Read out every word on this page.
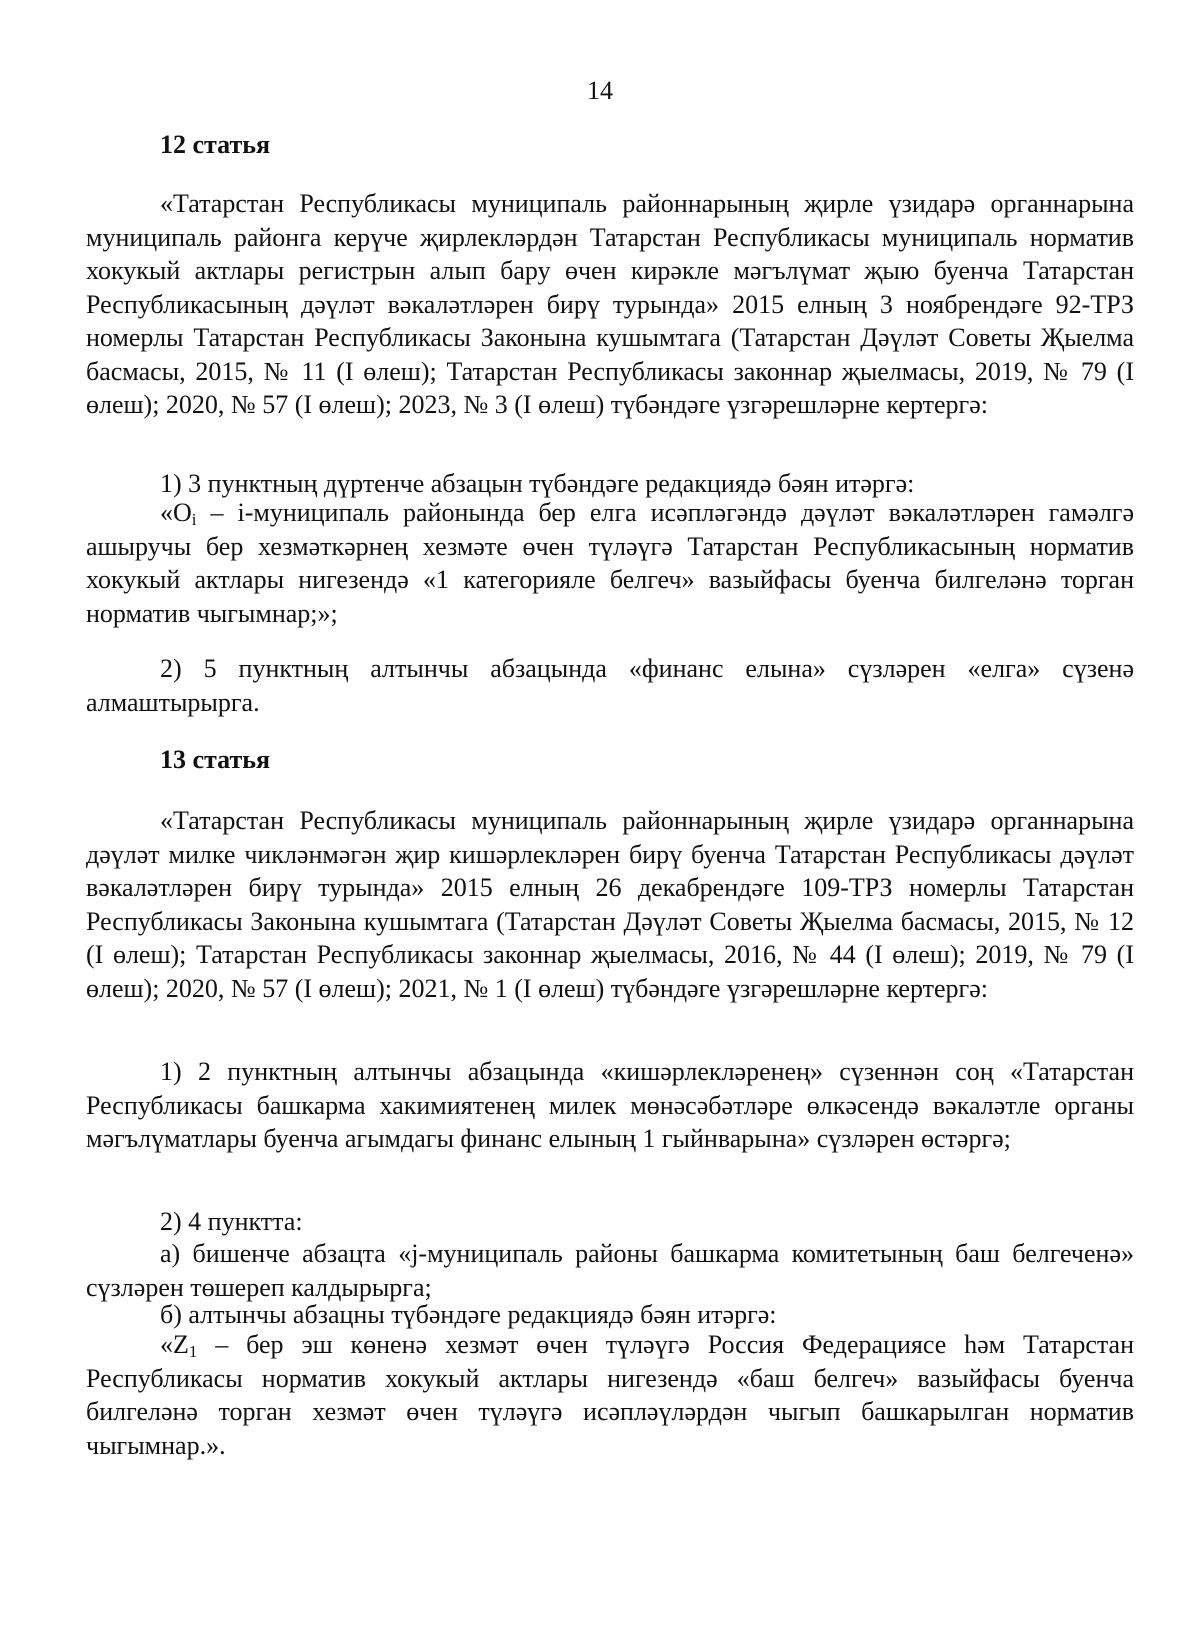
14
12 статья
«Татарстан Республикасы муниципаль районнарының җирле үзидарә органнарына муниципаль районга керүче җирлекләрдән Татарстан Республикасы муниципаль норматив хокукый актлары регистрын алып бару өчен кирәкле мәгълүмат җыю буенча Татарстан Республикасының дәүләт вәкаләтләрен бирү турында» 2015 елның 3 ноябрендәге 92-ТРЗ номерлы Татарстан Республикасы Законына кушымтага (Татарстан Дәүләт Советы Җыелма басмасы, 2015, № 11 (I өлеш); Татарстан Республикасы законнар җыелмасы, 2019, № 79 (I өлеш); 2020, № 57 (I өлеш); 2023, № 3 (I өлеш) түбәндәге үзгәрешләрне кертергә:
1) 3 пунктның дүртенче абзацын түбәндәге редакциядә бәян итәргә:
«$O_i$ – i-муниципаль районында бер елга исәпләгәндә дәүләт вәкаләтләрен гамәлгә ашыручы бер хезмәткәрнең хезмәте өчен түләүгә Татарстан Республикасының норматив хокукый актлары нигезендә «1 категорияле белгеч» вазыйфасы буенча билгеләнә торган норматив чыгымнар;»;
2) 5 пунктның алтынчы абзацында «финанс елына» сүзләрен «елга» сүзенә алмаштырырга.
13 статья
«Татарстан Республикасы муниципаль районнарының җирле үзидарә органнарына дәүләт милке чикләнмәгән җир кишәрлекләрен бирү буенча Татарстан Республикасы дәүләт вәкаләтләрен бирү турында» 2015 елның 26 декабрендәге 109-ТРЗ номерлы Татарстан Республикасы Законына кушымтага (Татарстан Дәүләт Советы Җыелма басмасы, 2015, № 12 (I өлеш); Татарстан Республикасы законнар җыелмасы, 2016, № 44 (I өлеш); 2019, № 79 (I өлеш); 2020, № 57 (I өлеш); 2021, № 1 (I өлеш) түбәндәге үзгәрешләрне кертергә:
1) 2 пунктның алтынчы абзацында «кишәрлекләренең» сүзеннән соң «Татарстан Республикасы башкарма хакимиятенең милек мөнәсәбәтләре өлкәсендә вәкаләтле органы мәгълүматлары буенча агымдагы финанс елының 1 гыйнварына» сүзләрен өстәргә;
2) 4 пунктта:
а) бишенче абзацта «j-муниципаль районы башкарма комитетының баш белгеченә» сүзләрен төшереп калдырырга;
б) алтынчы абзацны түбәндәге редакциядә бәян итәргә:
«$Z_1$ – бер эш көненә хезмәт өчен түләүгә Россия Федерациясе һәм Татарстан Республикасы норматив хокукый актлары нигезендә «баш белгеч» вазыйфасы буенча билгеләнә торган хезмәт өчен түләүгә исәпләүләрдән чыгып башкарылган норматив чыгымнар.».
